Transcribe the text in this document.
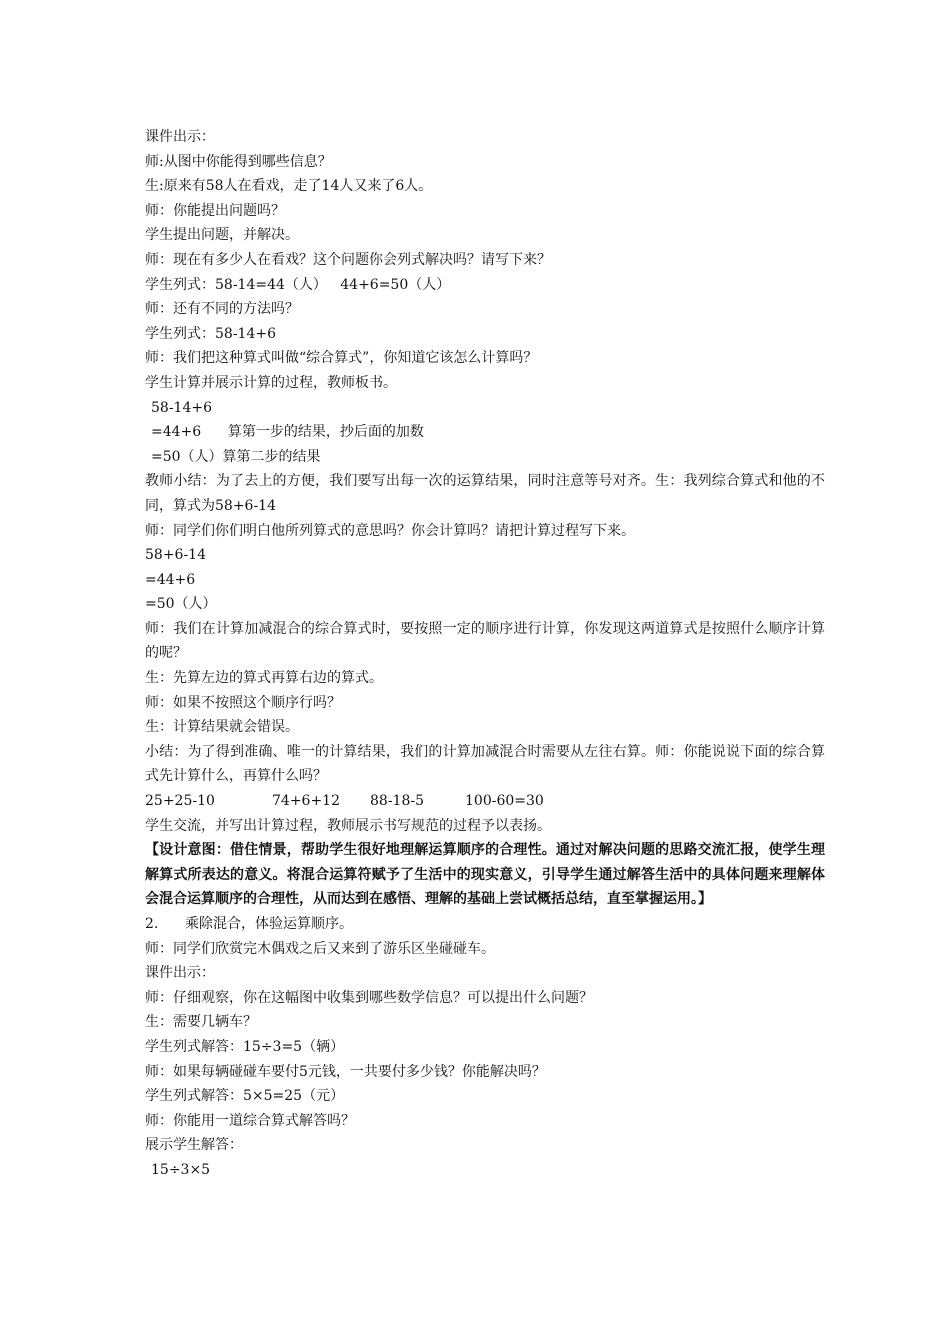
课件出示：

师:从图中你能得到哪些信息？

生:原来有58人在看戏，走了14人又来了6人。

师：你能提出问题吗？

学生提出问题，并解决。

师：现在有多少人在看戏？这个问题你会列式解决吗？请写下来？

学生列式：58-14=44（人）   44+6=50（人）

师：还有不同的方法吗？

学生列式：58-14+6

师：我们把这种算式叫做“综合算式”，你知道它该怎么计算吗？

学生计算并展示计算的过程，教师板书。

58-14+6

=44+6      算第一步的结果，抄后面的加数

=50（人）算第二步的结果

教师小结：为了去上的方便，我们要写出每一次的运算结果，同时注意等号对齐。生：我列综合算式和他的不同，算式为58+6-14

师：同学们你们明白他所列算式的意思吗？你会计算吗？请把计算过程写下来。

58+6-14

=44+6

=50（人）

师：我们在计算加减混合的综合算式时，要按照一定的顺序进行计算，你发现这两道算式是按照什么顺序计算的呢？

生：先算左边的算式再算右边的算式。

师：如果不按照这个顺序行吗？

生：计算结果就会错误。

小结：为了得到准确、唯一的计算结果，我们的计算加减混合时需要从左往右算。师：你能说说下面的综合算式先计算什么，再算什么吗？

25+25-10	74+6+12	88-18-5	100-60=30

学生交流，并写出计算过程，教师展示书写规范的过程予以表扬。

【设计意图：借住情景，帮助学生很好地理解运算顺序的合理性。通过对解决问题的思路交流汇报，使学生理解算式所表达的意义。将混合运算符赋予了生活中的现实意义，引导学生通过解答生活中的具体问题来理解体会混合运算顺序的合理性，从而达到在感悟、理解的基础上尝试概括总结，直至掌握运用。】

2.      乘除混合，体验运算顺序。

师：同学们欣赏完木偶戏之后又来到了游乐区坐碰碰车。

课件出示：

师：仔细观察，你在这幅图中收集到哪些数学信息？可以提出什么问题？

生：需要几辆车？

学生列式解答：15÷3=5（辆）

师：如果每辆碰碰车要付5元钱，一共要付多少钱？你能解决吗？

学生列式解答：5×5=25（元）

师：你能用一道综合算式解答吗？

展示学生解答：

15÷3×5
